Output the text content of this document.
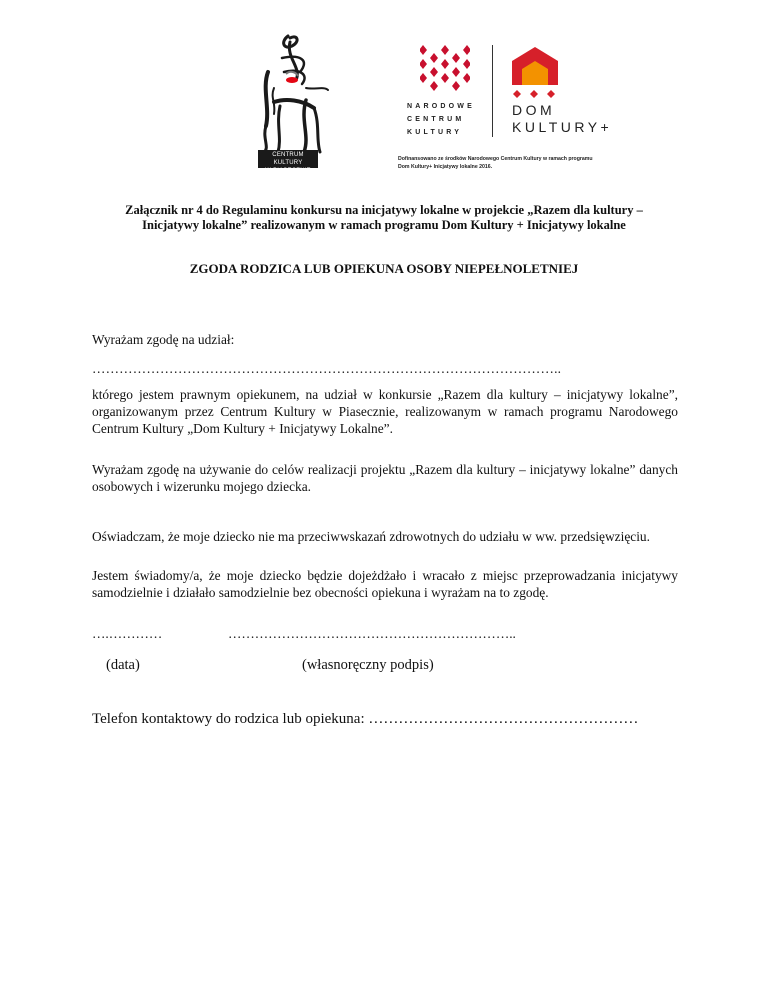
CENTRUM KULTURY
W PIASECZNIE
NARODOWE
CENTRUM
KULTURY
DOM
KULTURY+
Dofinansowano ze środków Narodowego Centrum Kultury w ramach programu
Dom Kultury+ Inicjatywy lokalne 2016.
Załącznik nr 4 do Regulaminu konkursu na inicjatywy lokalne w projekcie „Razem dla kultury –
Inicjatywy lokalne” realizowanym w ramach programu Dom Kultury + Inicjatywy lokalne
ZGODA RODZICA LUB OPIEKUNA OSOBY NIEPEŁNOLETNIEJ
Wyrażam zgodę na udział:
…………………………………………………………………………………………..
którego jestem prawnym opiekunem, na udział w konkursie „Razem dla kultury – inicjatywy lokalne”, organizowanym przez Centrum Kultury w Piasecznie, realizowanym w ramach programu Narodowego Centrum Kultury „Dom Kultury + Inicjatywy Lokalne”.
Wyrażam zgodę na używanie do celów realizacji projektu „Razem dla kultury – inicjatywy lokalne” danych osobowych i wizerunku mojego dziecka.
Oświadczam, że moje dziecko nie ma przeciwwskazań zdrowotnych do udziału w ww. przedsięwzięciu.
Jestem świadomy/a, że moje dziecko będzie dojeżdżało i wracało z miejsc przeprowadzania inicjatywy samodzielnie i działało samodzielnie bez obecności opiekuna i wyrażam na to zgodę.
….…………	………………………………………………………..
(data)	(własnoręczny podpis)
Telefon kontaktowy do rodzica lub opiekuna: ………………………………………………
